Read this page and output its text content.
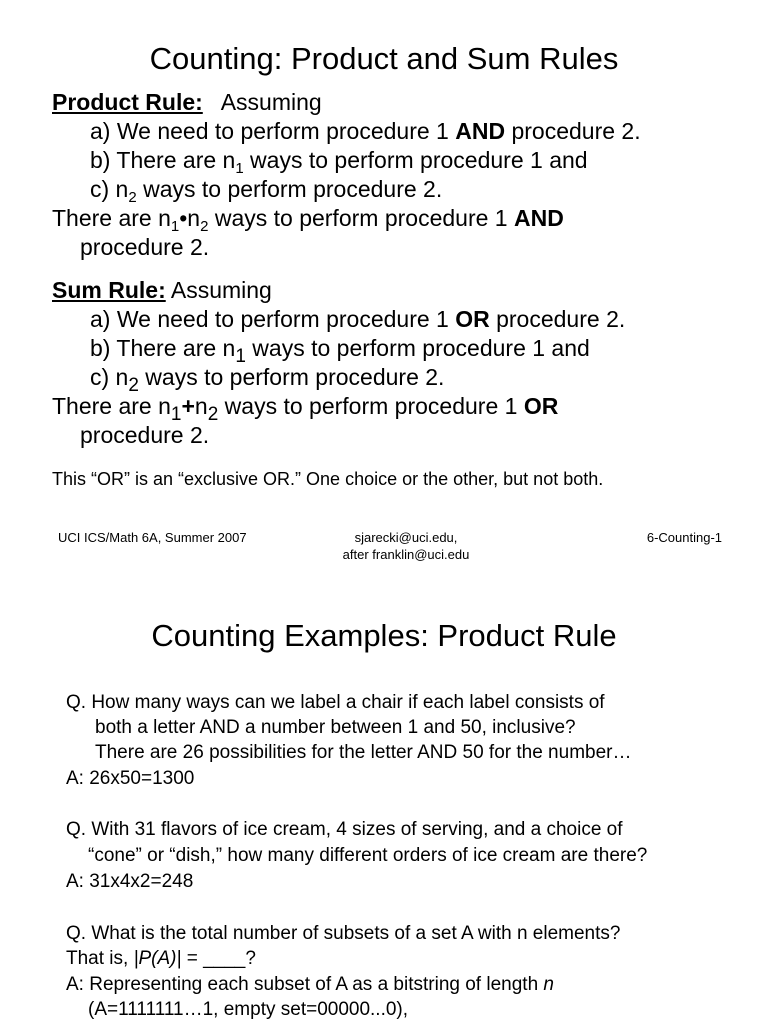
Counting: Product and Sum Rules
Product Rule: Assuming
a) We need to perform procedure 1 AND procedure 2.
b) There are $n_1$ ways to perform procedure 1 and
c) $n_2$ ways to perform procedure 2.
There are $n_1•n_2$ ways to perform procedure 1 AND
procedure 2.
Sum Rule: Assuming
a) We need to perform procedure 1 OR procedure 2.
b) There are $n_1$ ways to perform procedure 1 and
c) $n_2$ ways to perform procedure 2.
There are $n_1+n_2$ ways to perform procedure 1 OR
procedure 2.
This “OR” is an “exclusive OR.” One choice or the other, but not both.
UCI ICS/Math 6A, Summer 2007	sjarecki@uci.edu,
after franklin@uci.edu
6-Counting-1
Counting Examples: Product Rule
Q. How many ways can we label a chair if each label consists of
both a letter AND a number between 1 and 50, inclusive?
There are 26 possibilities for the letter AND 50 for the number…
A: 26x50=1300
Q. With 31 flavors of ice cream, 4 sizes of serving, and a choice of
“cone” or “dish,” how many different orders of ice cream are there?
A: 31x4x2=248
Q. What is the total number of subsets of a set A with n elements?
That is, |P(A)| = ____?
A: Representing each subset of A as a bitstring of length n
(A=1111111…1, empty set=00000...0),
